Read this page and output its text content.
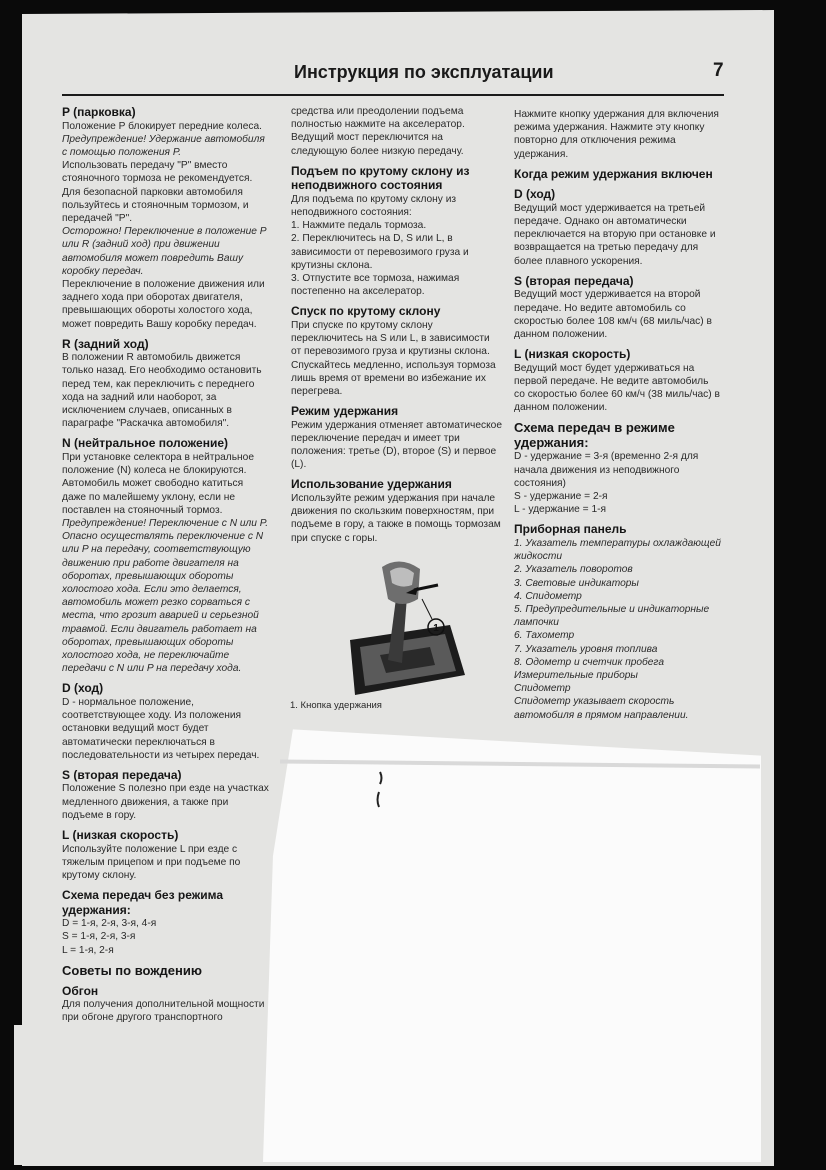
Инструкция по эксплуатации	7

P (парковка)

Положение P блокирует передние колеса.

Предупреждение! Удержание автомобиля с помощью положения P.

Использовать передачу "P" вместо стояночного тормоза не рекомендуется. Для безопасной парковки автомобиля пользуйтесь и стояночным тормозом, и передачей "P".

Осторожно! Переключение в положение P или R (задний ход) при движении автомобиля может повредить Вашу коробку передач.

Переключение в положение движения или заднего хода при оборотах двигателя, превышающих обороты холостого хода, может повредить Вашу коробку передач.

R (задний ход)

В положении R автомобиль движется только назад. Его необходимо остановить перед тем, как переключить с переднего хода на задний или наоборот, за исключением случаев, описанных в параграфе "Раскачка автомобиля".

N (нейтральное положение)

При установке селектора в нейтральное положение (N) колеса не блокируются. Автомобиль может свободно катиться даже по малейшему уклону, если не поставлен на стояночный тормоз.

Предупреждение! Переключение с N или P. Опасно осуществлять переключение с N или P на передачу, соответствующую движению при работе двигателя на оборотах, превышающих обороты холостого хода. Если это делается, автомобиль может резко сорваться с места, что грозит аварией и серьезной травмой. Если двигатель работает на оборотах, превышающих обороты холостого хода, не переключайте передачи с N или P на передачу хода.

D (ход)

D - нормальное положение, соответствующее ходу. Из положения остановки ведущий мост будет автоматически переключаться в последовательности из четырех передач.

S (вторая передача)

Положение S полезно при езде на участках медленного движения, а также при подъеме в гору.

L (низкая скорость)

Используйте положение L при езде с тяжелым прицепом и при подъеме по крутому склону.

Схема передач без режима удержания:

D = 1-я, 2-я, 3-я, 4-я

S = 1-я, 2-я, 3-я

L = 1-я, 2-я

Советы по вождению

Обгон

Для получения дополнительной мощности при обгоне другого транспортного

средства или преодолении подъема полностью нажмите на акселератор. Ведущий мост переключится на следующую более низкую передачу.

Подъем по крутому склону из неподвижного состояния

Для подъема по крутому склону из неподвижного состояния:

1. Нажмите педаль тормоза.

2. Переключитесь на D, S или L, в зависимости от перевозимого груза и крутизны склона.

3. Отпустите все тормоза, нажимая постепенно на акселератор.

Спуск по крутому склону

При спуске по крутому склону переключитесь на S или L, в зависимости от перевозимого груза и крутизны склона. Спускайтесь медленно, используя тормоза лишь время от времени во избежание их перегрева.

Режим удержания

Режим удержания отменяет автоматическое переключение передач и имеет три положения: третье (D), второе (S) и первое (L).

Использование удержания

Используйте режим удержания при начале движения по скользким поверхностям, при подъеме в гору, а также в помощь тормозам при спуске с горы.

Нажмите кнопку удержания для включения режима удержания. Нажмите эту кнопку повторно для отключения режима удержания.

Когда режим удержания включен

D (ход)

Ведущий мост удерживается на третьей передаче. Однако он автоматически переключается на вторую при остановке и возвращается на третью передачу для более плавного ускорения.

S (вторая передача)

Ведущий мост удерживается на второй передаче. Но ведите автомобиль со скоростью более 108 км/ч (68 миль/час) в данном положении.

L (низкая скорость)

Ведущий мост будет удерживаться на первой передаче. Не ведите автомобиль со скоростью более 60 км/ч (38 миль/час) в данном положении.

Схема передач в режиме удержания:

D - удержание = 3-я (временно 2-я для начала движения из неподвижного состояния)

S - удержание = 2-я

L - удержание = 1-я

Приборная панель

1. Указатель температуры охлаждающей жидкости

2. Указатель поворотов

3. Световые индикаторы

4. Спидометр

5. Предупредительные и индикаторные лампочки

6. Тахометр

7. Указатель уровня топлива

8. Одометр и счетчик пробега

Измерительные приборы

Спидометр

Спидометр указывает скорость автомобиля в прямом направлении.

1
1. Кнопка удержания
